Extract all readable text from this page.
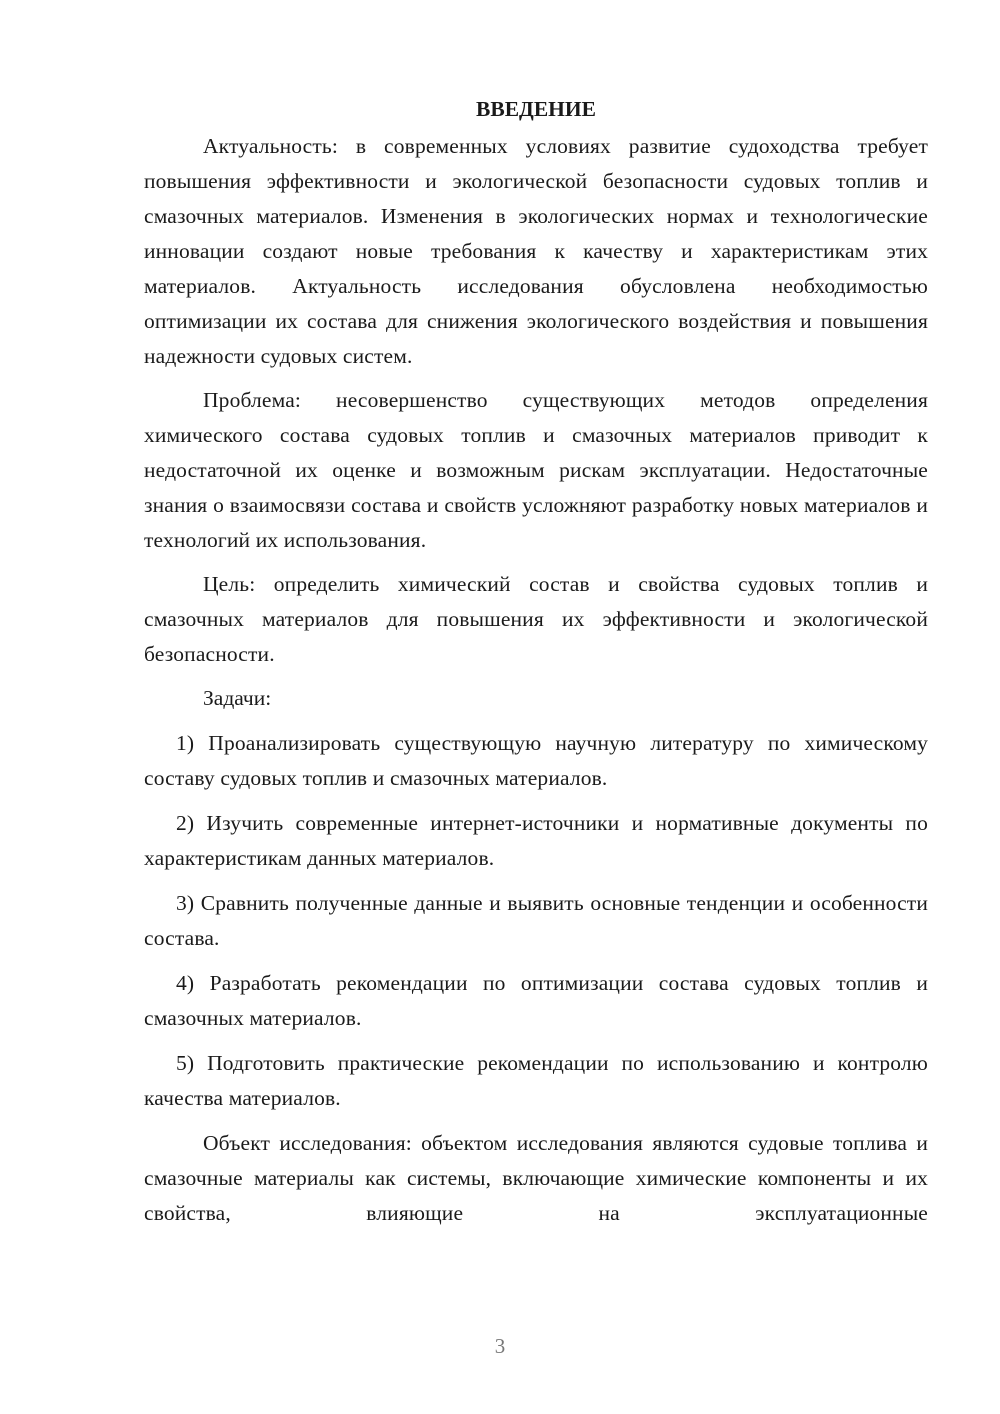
ВВЕДЕНИЕ

Актуальность: в современных условиях развитие судоходства требует повышения эффективности и экологической безопасности судовых топлив и смазочных материалов. Изменения в экологических нормах и технологические инновации создают новые требования к качеству и характеристикам этих материалов. Актуальность исследования обусловлена необходимостью оптимизации их состава для снижения экологического воздействия и повышения надежности судовых систем.

Проблема: несовершенство существующих методов определения химического состава судовых топлив и смазочных материалов приводит к недостаточной их оценке и возможным рискам эксплуатации. Недостаточные знания о взаимосвязи состава и свойств усложняют разработку новых материалов и технологий их использования.

Цель: определить химический состав и свойства судовых топлив и смазочных материалов для повышения их эффективности и экологической безопасности.

Задачи:

1) Проанализировать существующую научную литературу по химическому составу судовых топлив и смазочных материалов.

2) Изучить современные интернет-источники и нормативные документы по характеристикам данных материалов.

3) Сравнить полученные данные и выявить основные тенденции и особенности состава.

4) Разработать рекомендации по оптимизации состава судовых топлив и смазочных материалов.

5) Подготовить практические рекомендации по использованию и контролю качества материалов.

Объект исследования: объектом исследования являются судовые топлива и смазочные материалы как системы, включающие химические компоненты и их свойства, влияющие на эксплуатационные

3
